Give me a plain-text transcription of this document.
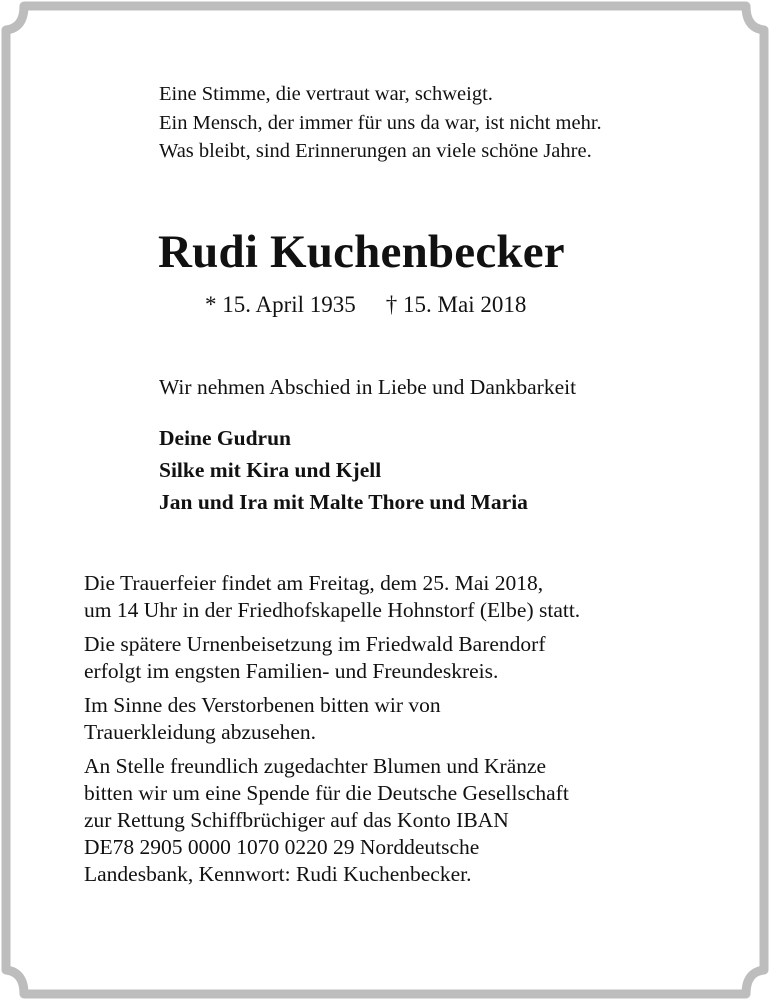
Eine Stimme, die vertraut war, schweigt.
Ein Mensch, der immer für uns da war, ist nicht mehr.
Was bleibt, sind Erinnerungen an viele schöne Jahre.
Rudi Kuchenbecker
* 15. April 1935 † 15. Mai 2018
Wir nehmen Abschied in Liebe und Dankbarkeit
Deine Gudrun
Silke mit Kira und Kjell
Jan und Ira mit Malte Thore und Maria
Die Trauerfeier findet am Freitag, dem 25. Mai 2018,
um 14 Uhr in der Friedhofskapelle Hohnstorf (Elbe) statt.
Die spätere Urnenbeisetzung im Friedwald Barendorf
erfolgt im engsten Familien- und Freundeskreis.
Im Sinne des Verstorbenen bitten wir von
Trauerkleidung abzusehen.
An Stelle freundlich zugedachter Blumen und Kränze
bitten wir um eine Spende für die Deutsche Gesellschaft
zur Rettung Schiffbrüchiger auf das Konto IBAN
DE78 2905 0000 1070 0220 29 Norddeutsche
Landesbank, Kennwort: Rudi Kuchenbecker.
